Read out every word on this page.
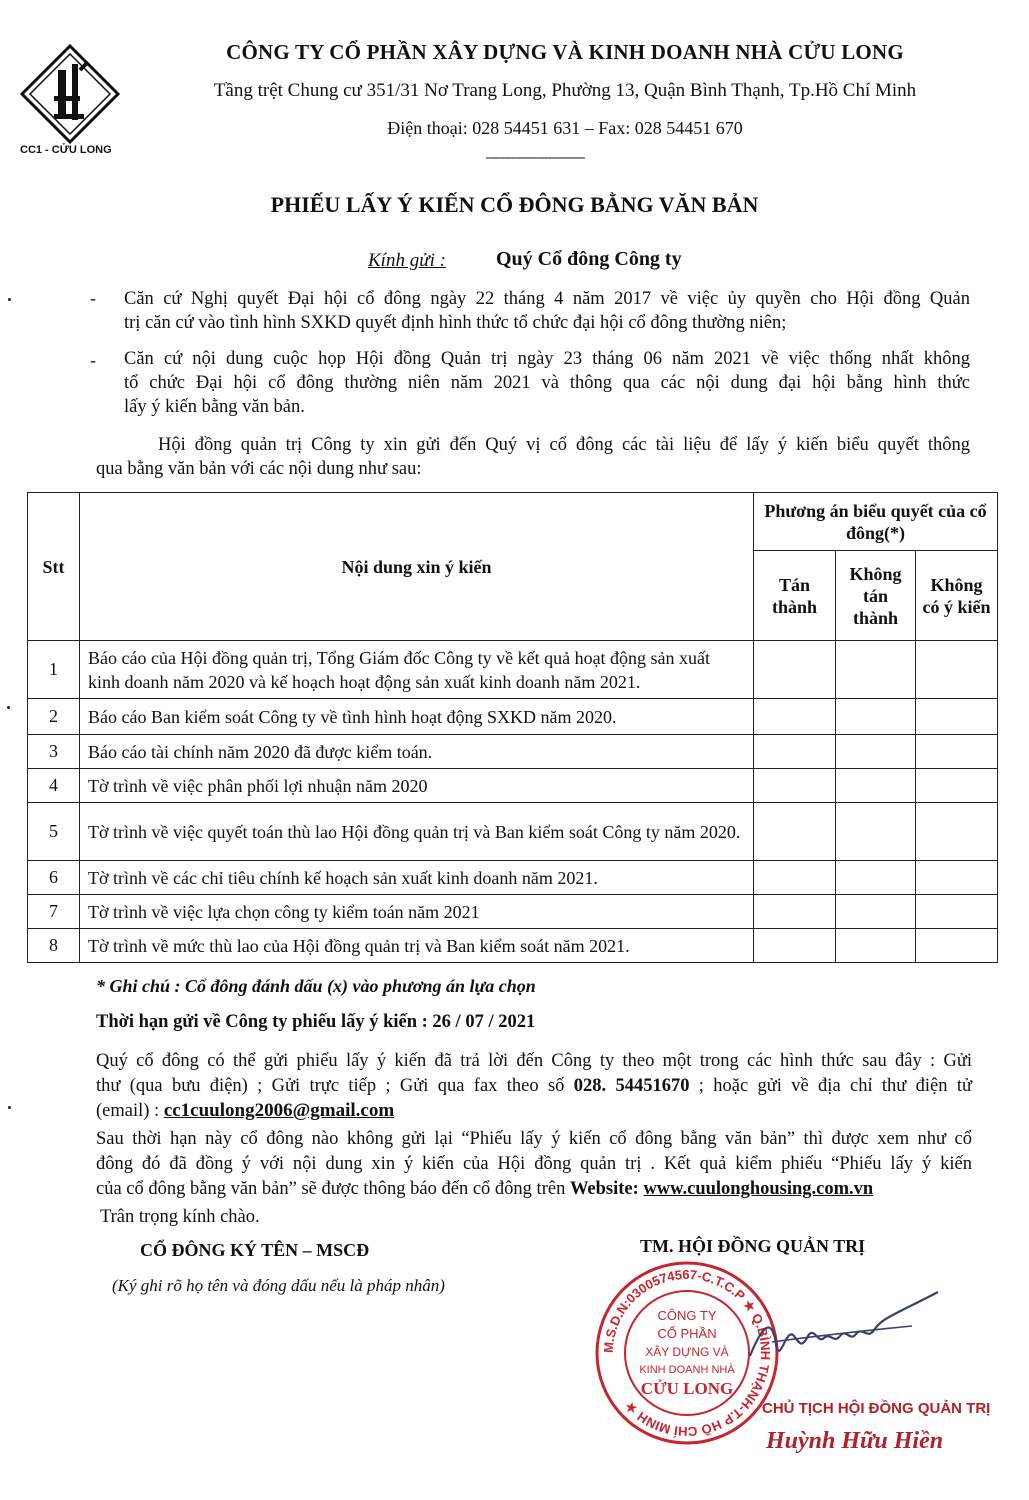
CC1 - CỬU LONG
CÔNG TY CỔ PHẦN XÂY DỰNG VÀ KINH DOANH NHÀ CỬU LONG
Tầng trệt Chung cư 351/31 Nơ Trang Long, Phường 13, Quận Bình Thạnh, Tp.Hồ Chí Minh
Điện thoại: 028 54451 631 – Fax: 028 54451 670
---------------------------
PHIẾU LẤY Ý KIẾN CỔ ĐÔNG BẰNG VĂN BẢN
Kính gửi :	Quý Cổ đông Công ty
- Căn cứ Nghị quyết Đại hội cổ đông ngày 22 tháng 4 năm 2017 về việc ủy quyền cho Hội đồng Quản
trị căn cứ vào tình hình SXKD quyết định hình thức tổ chức đại hội cổ đông thường niên;
- Căn cứ nội dung cuộc họp Hội đồng Quản trị ngày 23 tháng 06 năm 2021 về việc thống nhất không
tổ chức Đại hội cổ đông thường niên năm 2021 và thông qua các nội dung đại hội bằng hình thức
lấy ý kiến bằng văn bản.
Hội đồng quản trị Công ty xin gửi đến Quý vị cổ đông các tài liệu để lấy ý kiến biểu quyết thông
qua bằng văn bản với các nội dung như sau:
Stt	Nội dung xin ý kiến	Phương án biểu quyết của cổ đông(*)		
		Tán thành	Không tán thành	Không có ý kiến
1	Báo cáo của Hội đồng quản trị, Tổng Giám đốc Công ty về kết quả hoạt động sản xuất kinh doanh năm 2020 và kế hoạch hoạt động sản xuất kinh doanh năm 2021.			
2	Báo cáo Ban kiểm soát Công ty về tình hình hoạt động SXKD năm 2020.			
3	Báo cáo tài chính năm 2020 đã được kiểm toán.			
4	Tờ trình về việc phân phối lợi nhuận năm 2020			
5	Tờ trình về việc quyết toán thù lao Hội đồng quản trị và Ban kiểm soát Công ty năm 2020.			
6	Tờ trình về các chỉ tiêu chính kế hoạch sản xuất kinh doanh năm 2021.			
7	Tờ trình về việc lựa chọn công ty kiểm toán năm 2021			
8	Tờ trình về mức thù lao của Hội đồng quản trị và Ban kiểm soát năm 2021.			
* Ghi chú : Cổ đông đánh dấu (x) vào phương án lựa chọn
Thời hạn gửi về Công ty phiếu lấy ý kiến : 26 / 07 / 2021
Quý cổ đông có thể gửi phiếu lấy ý kiến đã trả lời đến Công ty theo một trong các hình thức sau đây : Gửi
thư (qua bưu điện) ; Gửi trực tiếp ; Gửi qua fax theo số 028. 54451670 ; hoặc gửi về địa chỉ thư điện tử
(email) : cc1cuulong2006@gmail.com
Sau thời hạn này cổ đông nào không gửi lại “Phiếu lấy ý kiến cổ đông bằng văn bản” thì được xem như cổ
đông đó đã đồng ý với nội dung xin ý kiến của Hội đồng quản trị . Kết quả kiểm phiếu “Phiếu lấy ý kiến
của cổ đông bằng văn bản” sẽ được thông báo đến cổ đông trên Website: www.cuulonghousing.com.vn
Trân trọng kính chào.
CỔ ĐÔNG KÝ TÊN – MSCĐ
(Ký ghi rõ họ tên và đóng dấu nếu là pháp nhân)
TM. HỘI ĐỒNG QUẢN TRỊ
M.S.D.N:0300574567-C.T.C.P ★ Q.BÌNH THẠNH-T.P HỒ CHÍ MINH ★
CÔNG TY
CỔ PHẦN
XÂY DỰNG VÀ
KINH DOANH NHÀ
CỬU LONG
CHỦ TỊCH HỘI ĐỒNG QUẢN TRỊ
Huỳnh Hữu Hiền
